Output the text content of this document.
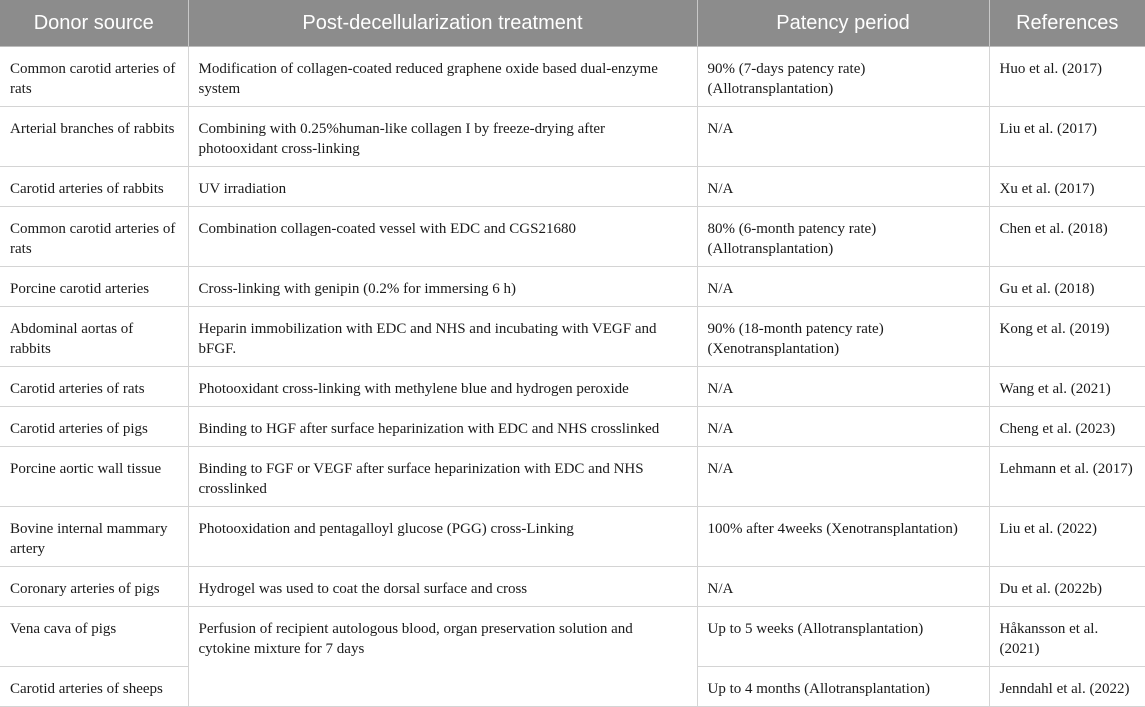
Donor source	Post-decellularization treatment	Patency period	References
Common carotid arteries of rats	Modification of collagen-coated reduced graphene oxide based dual-enzyme system	90% (7-days patency rate) (Allotransplantation)	Huo et al. (2017)
Arterial branches of rabbits	Combining with 0.25%human-like collagen I by freeze-drying after photooxidant cross-linking	N/A	Liu et al. (2017)
Carotid arteries of rabbits	UV irradiation	N/A	Xu et al. (2017)
Common carotid arteries of rats	Combination collagen-coated vessel with EDC and CGS21680	80% (6-month patency rate) (Allotransplantation)	Chen et al. (2018)
Porcine carotid arteries	Cross-linking with genipin (0.2% for immersing 6 h)	N/A	Gu et al. (2018)
Abdominal aortas of rabbits	Heparin immobilization with EDC and NHS and incubating with VEGF and bFGF.	90% (18-month patency rate) (Xenotransplantation)	Kong et al. (2019)
Carotid arteries of rats	Photooxidant cross-linking with methylene blue and hydrogen peroxide	N/A	Wang et al. (2021)
Carotid arteries of pigs	Binding to HGF after surface heparinization with EDC and NHS crosslinked	N/A	Cheng et al. (2023)
Porcine aortic wall tissue	Binding to FGF or VEGF after surface heparinization with EDC and NHS crosslinked	N/A	Lehmann et al. (2017)
Bovine internal mammary artery	Photooxidation and pentagalloyl glucose (PGG) cross-Linking	100% after 4weeks (Xenotransplantation)	Liu et al. (2022)
Coronary arteries of pigs	Hydrogel was used to coat the dorsal surface and cross	N/A	Du et al. (2022b)
Vena cava of pigs	Perfusion of recipient autologous blood, organ preservation solution and cytokine mixture for 7 days	Up to 5 weeks (Allotransplantation)	Håkansson et al. (2021)
Carotid arteries of sheeps		Up to 4 months (Allotransplantation)	Jenndahl et al. (2022)
